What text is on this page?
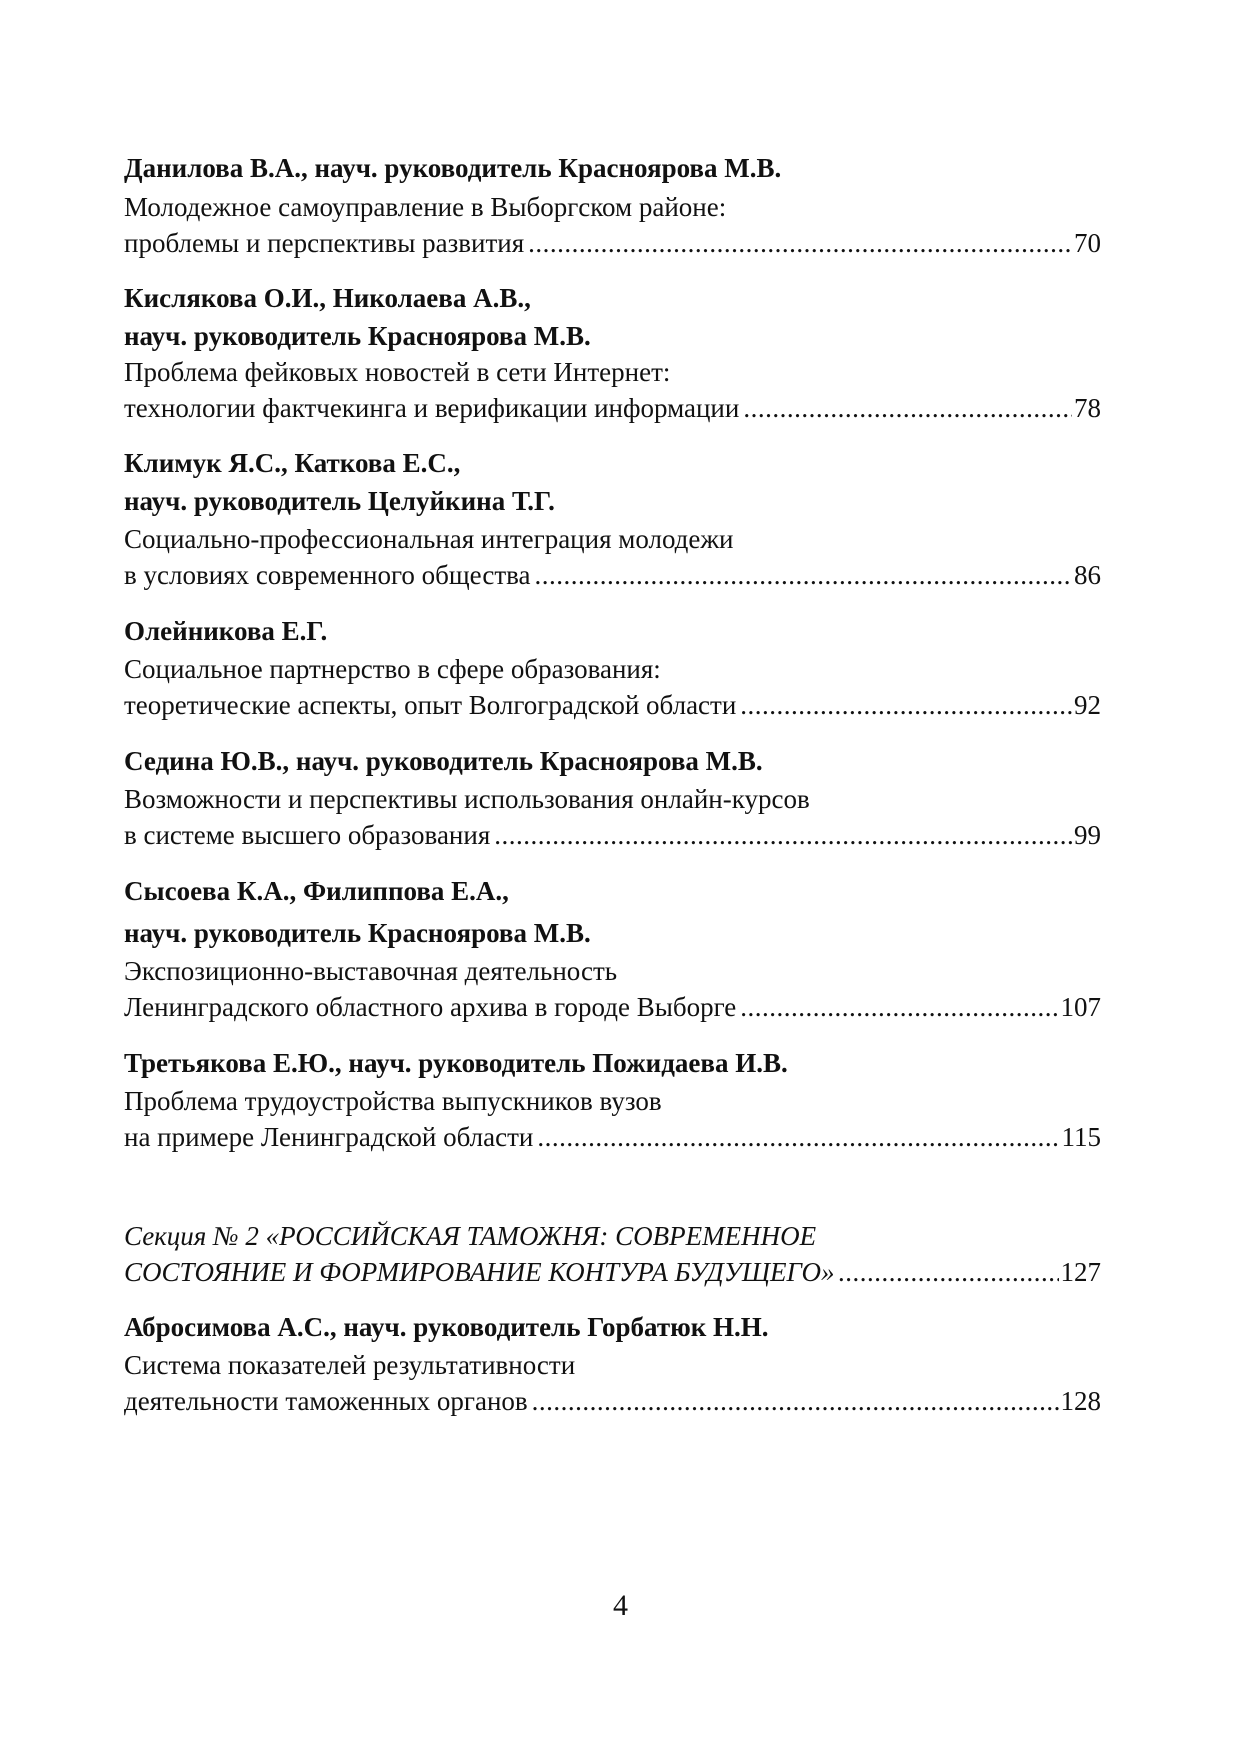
Данилова В.А., науч. руководитель Красноярова М.В.
Молодежное самоуправление в Выборгском районе:
проблемы и перспективы развития .....	70
Кислякова О.И., Николаева А.В.,
науч. руководитель Красноярова М.В.
Проблема фейковых новостей в сети Интернет:
технологии фактчекинга и верификации информации .....	78
Климук Я.С., Каткова Е.С.,
науч. руководитель Целуйкина Т.Г.
Социально-профессиональная интеграция молодежи
в условиях современного общества .....	86
Олейникова Е.Г.
Социальное партнерство в сфере образования:
теоретические аспекты, опыт Волгоградской области .....	92
Седина Ю.В., науч. руководитель Красноярова М.В.
Возможности и перспективы использования онлайн-курсов
в системе высшего образования .....	99
Сысоева К.А., Филиппова Е.А.,
науч. руководитель Красноярова М.В.
Экспозиционно-выставочная деятельность
Ленинградского областного архива в городе Выборге .....	107
Третьякова Е.Ю., науч. руководитель Пожидаева И.В.
Проблема трудоустройства выпускников вузов
на примере Ленинградской области .....	115
Секция № 2 «РОССИЙСКАЯ ТАМОЖНЯ: СОВРЕМЕННОЕ
СОСТОЯНИЕ И ФОРМИРОВАНИЕ КОНТУРА БУДУЩЕГО» .....	127
Абросимова А.С., науч. руководитель Горбатюк Н.Н.
Система показателей результативности
деятельности таможенных органов .....	128
4
